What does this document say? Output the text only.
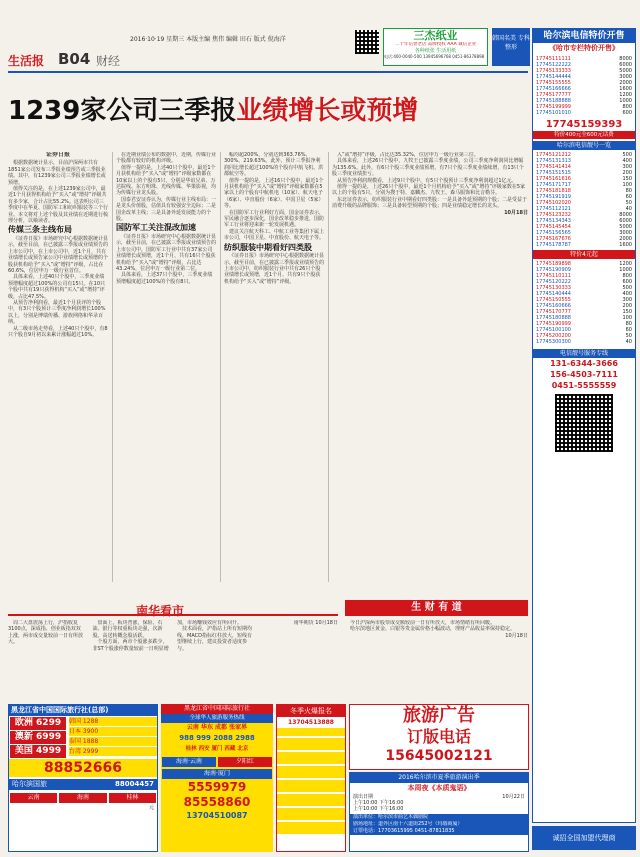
2016·10·19 星期三 本版主编 焦伟 编辑 田石 版式 倪海洋
生活报 B04 财经
三杰纸业
二十年信誉老店 品牌授权 AAA 诚信企业
各种纸张 生活用纸
电话:400-0040-500 13945696768 0451-86378898
韩国名美 专科整形
1239家公司三季报业绩增长或预增
证券日报

根据数据统计显示，目前沪深两市共有1851家公司发布三季报业绩预告或三季报业绩。其中，有1239家公司三季报业绩增长或预增。

值得关注的是，在上述1239家公司中，最近1个月获得机构给予“买入”或“增持”评级共有多少家，合计占比55.2%。这表明公司三季度中在华夏、国防军工和纺织服装等三个行业。本文将对上述个股及其业绩在近期进行梳理分析，以飨读者。

传媒三条主线布局

《证券日报》市场研究中心根据数据统计显示，截至目前，在已披露三季报或业绩预告的上市公司中，在上市公司中，近1个月，共有业绩增长或预告家公司中业绩增长或预增的个股获机构给予“买入”或“增持”评级，占比在60.6%，位居申万一级行业首位。

具体来看，上述40只个股中，三季度业绩预增幅度超过100%的公司有15只。在10只个股中共有19只获得机构“买入”或“增持”评级，占比47.5%。

从预告净利润看，最近1个月获评的个股中，有3只个股预计三季度净利润增长100%以上，分别是博瑞传播、游族网络和华录百纳。

从二级市场走势看，上述40只个股中，有8只个股自9月初以来累计涨幅超过10%。

在近期业绩公布的数据中，近期，传媒行业个股都有较好的机构评级。

值得一提的是，上述40只个股中，最近1个月获机构给予“买入”或“增持”评级家数都在10家以上的个股有5只，分别是华谊兄弟、万达院线、东方明珠、光线传媒、华策影视，均为传媒行业龙头股。

国泰君安证券认为，传媒行业主线布局：一是龙头价值股，估值具有较强安全边际；二是国企改革主线；三是具备外延发展能力的个股。

国防军工关注混改加速

《证券日报》市场研究中心根据数据统计显示，截至目前，在已披露三季报或业绩预告的上市公司中，国防军工行业中共有37家公司业绩增长或预增，近1个月，共有16只个股获机构给予“买入”或“增持”评级，占比达43.24%，位居申万一级行业第二位。

具体来看，上述37只个股中，三季度业绩预增幅度超过100%的个股有8只。

幅均超200%，分别达到363.76%、300%、219.63%。此外，预计三季报净利润同比增长超过100%的个股有中航飞机、洪都航空等。

值得一提的是，上述16只个股中，最近1个月获机构给予“买入”或“增持”评级家数都在5家以上的个股有中航机电（10家）、航天电子（6家）、中直股份（6家）、中国卫星（5家）等。

在国防军工行业利好方面，国金证券表示，军民融合逐步深化，国企改革稳步推进，国防军工行业将迎来新一轮发展机遇。

建议关注航天科工、中航工业等集团下属上市公司，中国卫星、中直股份、航天电子等。

纺织服装中期看好四类股

《证券日报》市场研究中心根据数据统计显示，截至目前，在已披露三季报或业绩预告的上市公司中，纺织服装行业中共有26只个股业绩增长或预增，近1个月，共有9只个股获机构给予“买入”或“增持”评级。

入”或“增持”评级，占比达35.32%，位居申万一级行业第三位。

具体来看，上述26只个股中，九牧王已披露三季度业绩，公司三季度净利润同比增幅为135.6%。此外，有6只个股三季度业绩预增，有7只个股三季度业绩续增，有13只个股三季度业绩扭亏。

从预告净利润规模看，上述9只个股中，有5只个股预计三季度净利润超过1亿元。

值得一提的是，上述26只个股中，最近1个月机构给予“买入”或“增持”评级家数在5家以上的个股有5只，分别为搜于特、嘉麟杰、九牧王、森马服饰和比音勒芬。

东北证券表示，纺织服装行业中期看好四类股：一是具备外延预期的个股；二是受益于消费升级的品牌服饰；三是具备转型预期的个股；四是业绩稳定增长的龙头。

10月18日
南华看市

周二大盘震荡上行，沪指收复3100点，深成指、创业板指双双上涨，两市成交量较前一日有所放大。

盘面上，板块普涨，保险、石油、银行等权重板块走强，次新股、高送转概念股活跃。

个股方面，两市个股涨多跌少，非ST个股涨停数量较前一日明显增加，市场赚钱效应有所回升。

技术面看，沪指站上所有短期均线，MACD指标红柱放大，短线有望继续上行，建议投资者适度参与。

南华期货 10月18日
生 财 有 道

今日沪深两市股票成交额较前一日有所放大，市场情绪有所回暖。

哈尔滨地区黄金、白银等贵金属价格小幅波动，理财产品收益率保持稳定。

10月18日
哈尔滨电信特价开售
《哈市专栏特价开售》
17745111111	8000
17745122222	6000
17745133333	5000
17745144444	3000
17745155555	2000
17745166666	1600
17745177777	1200
17745188888	1000
17745199999	800
17745101010	600
17745159393
特价400元全600元话费
哈尔滨电信靓号一览
17745121212	500
17745131313	400
17745141414	300
17745151515	200
17745161616	150
17745171717	100
17745181818	80
17745191919	60
17745102020	50
17745112121	40
17745123232	8000
17745134343	6000
17745145454	5000
17745156565	3000
17745167676	2000
17745178787	1600
特价4元起
17745189898	1200
17745190909	1000
17745110111	800
17745120222	600
17745130333	500
17745140444	400
17745150555	300
17745160666	200
17745170777	150
17745180888	100
17745190999	80
17745100100	60
17745200200	50
17745300300	40
电信靓号服务专线
131-6344-3666
156-4503-7111
0451-5555559
诚招全国加盟代理商
黑龙江省中国国际旅行社(总部)
欧洲 6299
澳新 6999
美国 4999
韩国 1288
日本 3900
泰国 1888
台湾 2999
88852666
哈尔滨国旅	88004457
云南	海南	桂林
元
黑龙江省中国国际旅行社
全球华人旅游服务热线
云南 华东 成都 张家界
988 999 2088 2988
桂林 西安 厦门 西藏 北京
海南·云南	夕阳红
海南·厦门
5559979
85558860
13704510087
冬季火爆报名
13704513888	旅游广告
订版电话
15645002121
2016哈尔滨市夏季旅游演出季
本周夜《本质鬼语》
演出日期	10月22日
上午10:00 下午16:00
上午10:00 下午16:00
演出单位：哈尔滨市曲艺木偶剧院
剧场地址：道外区南十六道街252号（玛瑙商厦）
订票电话：17703615995 0451-87811835
